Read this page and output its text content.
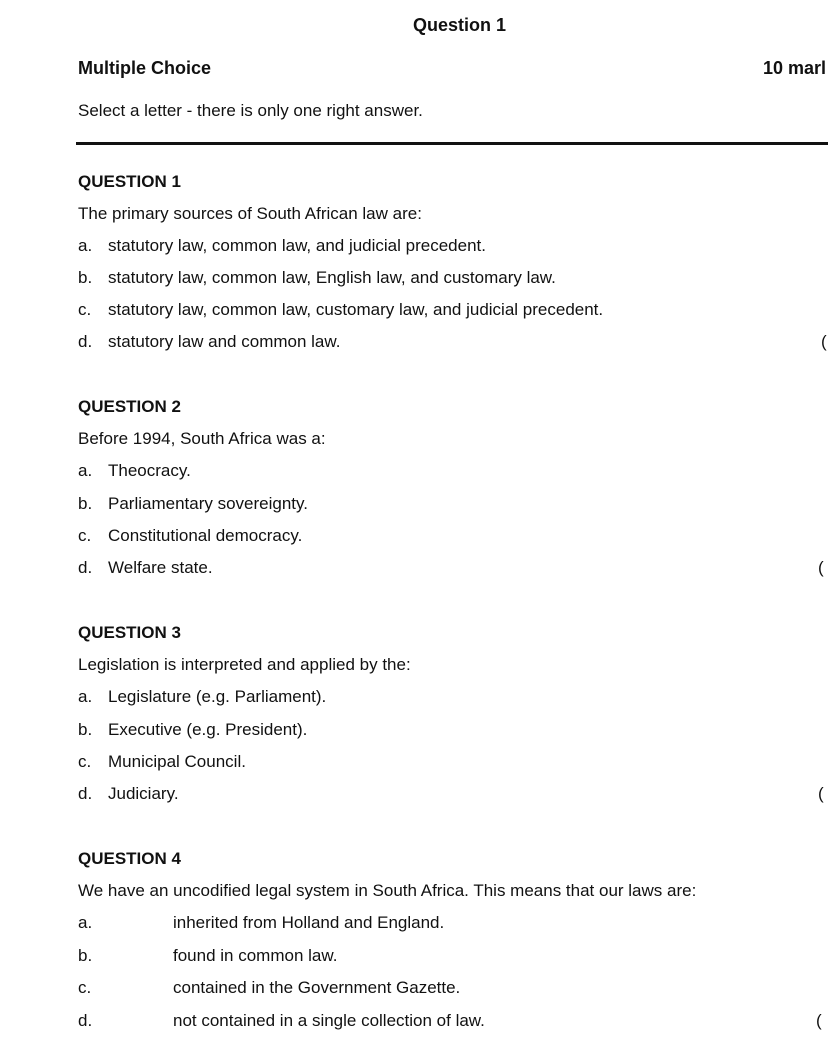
Question 1
Multiple Choice	10 marl
Select a letter - there is only one right answer.
QUESTION 1
The primary sources of South African law are:
a. statutory law, common law, and judicial precedent.
b. statutory law, common law, English law, and customary law.
c. statutory law, common law, customary law, and judicial precedent.
d. statutory law and common law.	(
QUESTION 2
Before 1994, South Africa was a:
a. Theocracy.
b. Parliamentary sovereignty.
c. Constitutional democracy.
d. Welfare state.	(
QUESTION 3
Legislation is interpreted and applied by the:
a. Legislature (e.g. Parliament).
b. Executive (e.g. President).
c. Municipal Council.
d. Judiciary.	(
QUESTION 4
We have an uncodified legal system in South Africa. This means that our laws are:
a.	inherited from Holland and England.
b.	found in common law.
c.	contained in the Government Gazette.
d.	not contained in a single collection of law.	(
